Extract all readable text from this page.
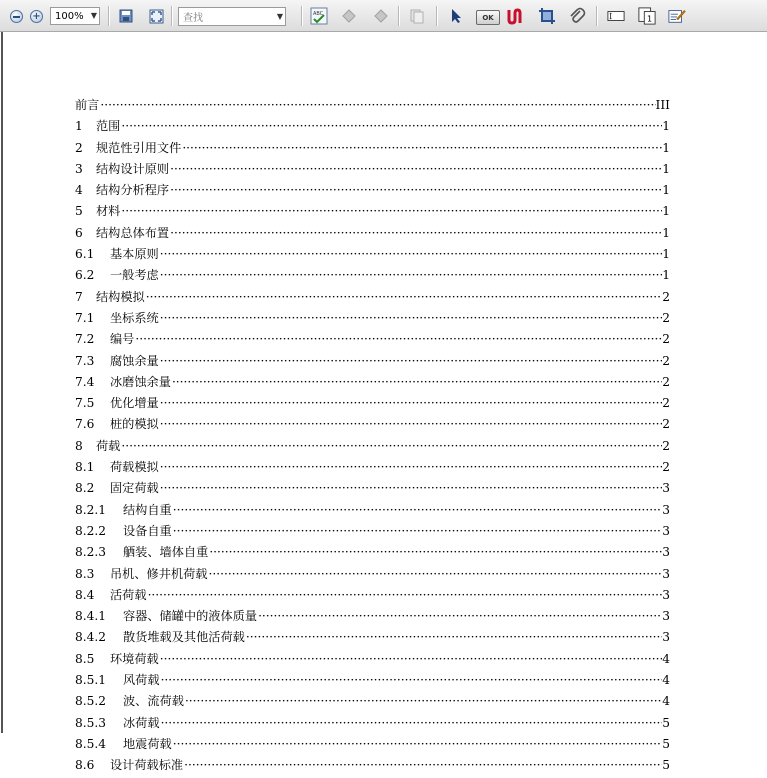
+
100% ▼	查找	▼	ABC	OK	1
前言 ·····	III
1	范围 ·····	1
2	规范性引用文件 ·····	1
3	结构设计原则 ·····	1
4	结构分析程序 ·····	1
5	材料 ·····	1
6	结构总体布置 ·····	1
6.1	基本原则 ·····	1
6.2	一般考虑 ·····	1
7	结构模拟 ·····	2
7.1	坐标系统 ·····	2
7.2	编号 ·····	2
7.3	腐蚀余量 ·····	2
7.4	冰磨蚀余量 ·····	2
7.5	优化增量 ·····	2
7.6	桩的模拟 ·····	2
8	荷载 ·····	2
8.1	荷载模拟 ·····	2
8.2	固定荷载 ·····	3
8.2.1	结构自重 ·····	3
8.2.2	设备自重 ·····	3
8.2.3	舾装、墙体自重 ·····	3
8.3	吊机、修井机荷载 ·····	3
8.4	活荷载 ·····	3
8.4.1	容器、储罐中的液体质量 ·····	3
8.4.2	散货堆载及其他活荷载 ·····	3
8.5	环境荷载 ·····	4
8.5.1	风荷载 ·····	4
8.5.2	波、流荷载 ·····	4
8.5.3	冰荷载 ·····	5
8.5.4	地震荷载 ·····	5
8.6	设计荷载标准 ·····	5
